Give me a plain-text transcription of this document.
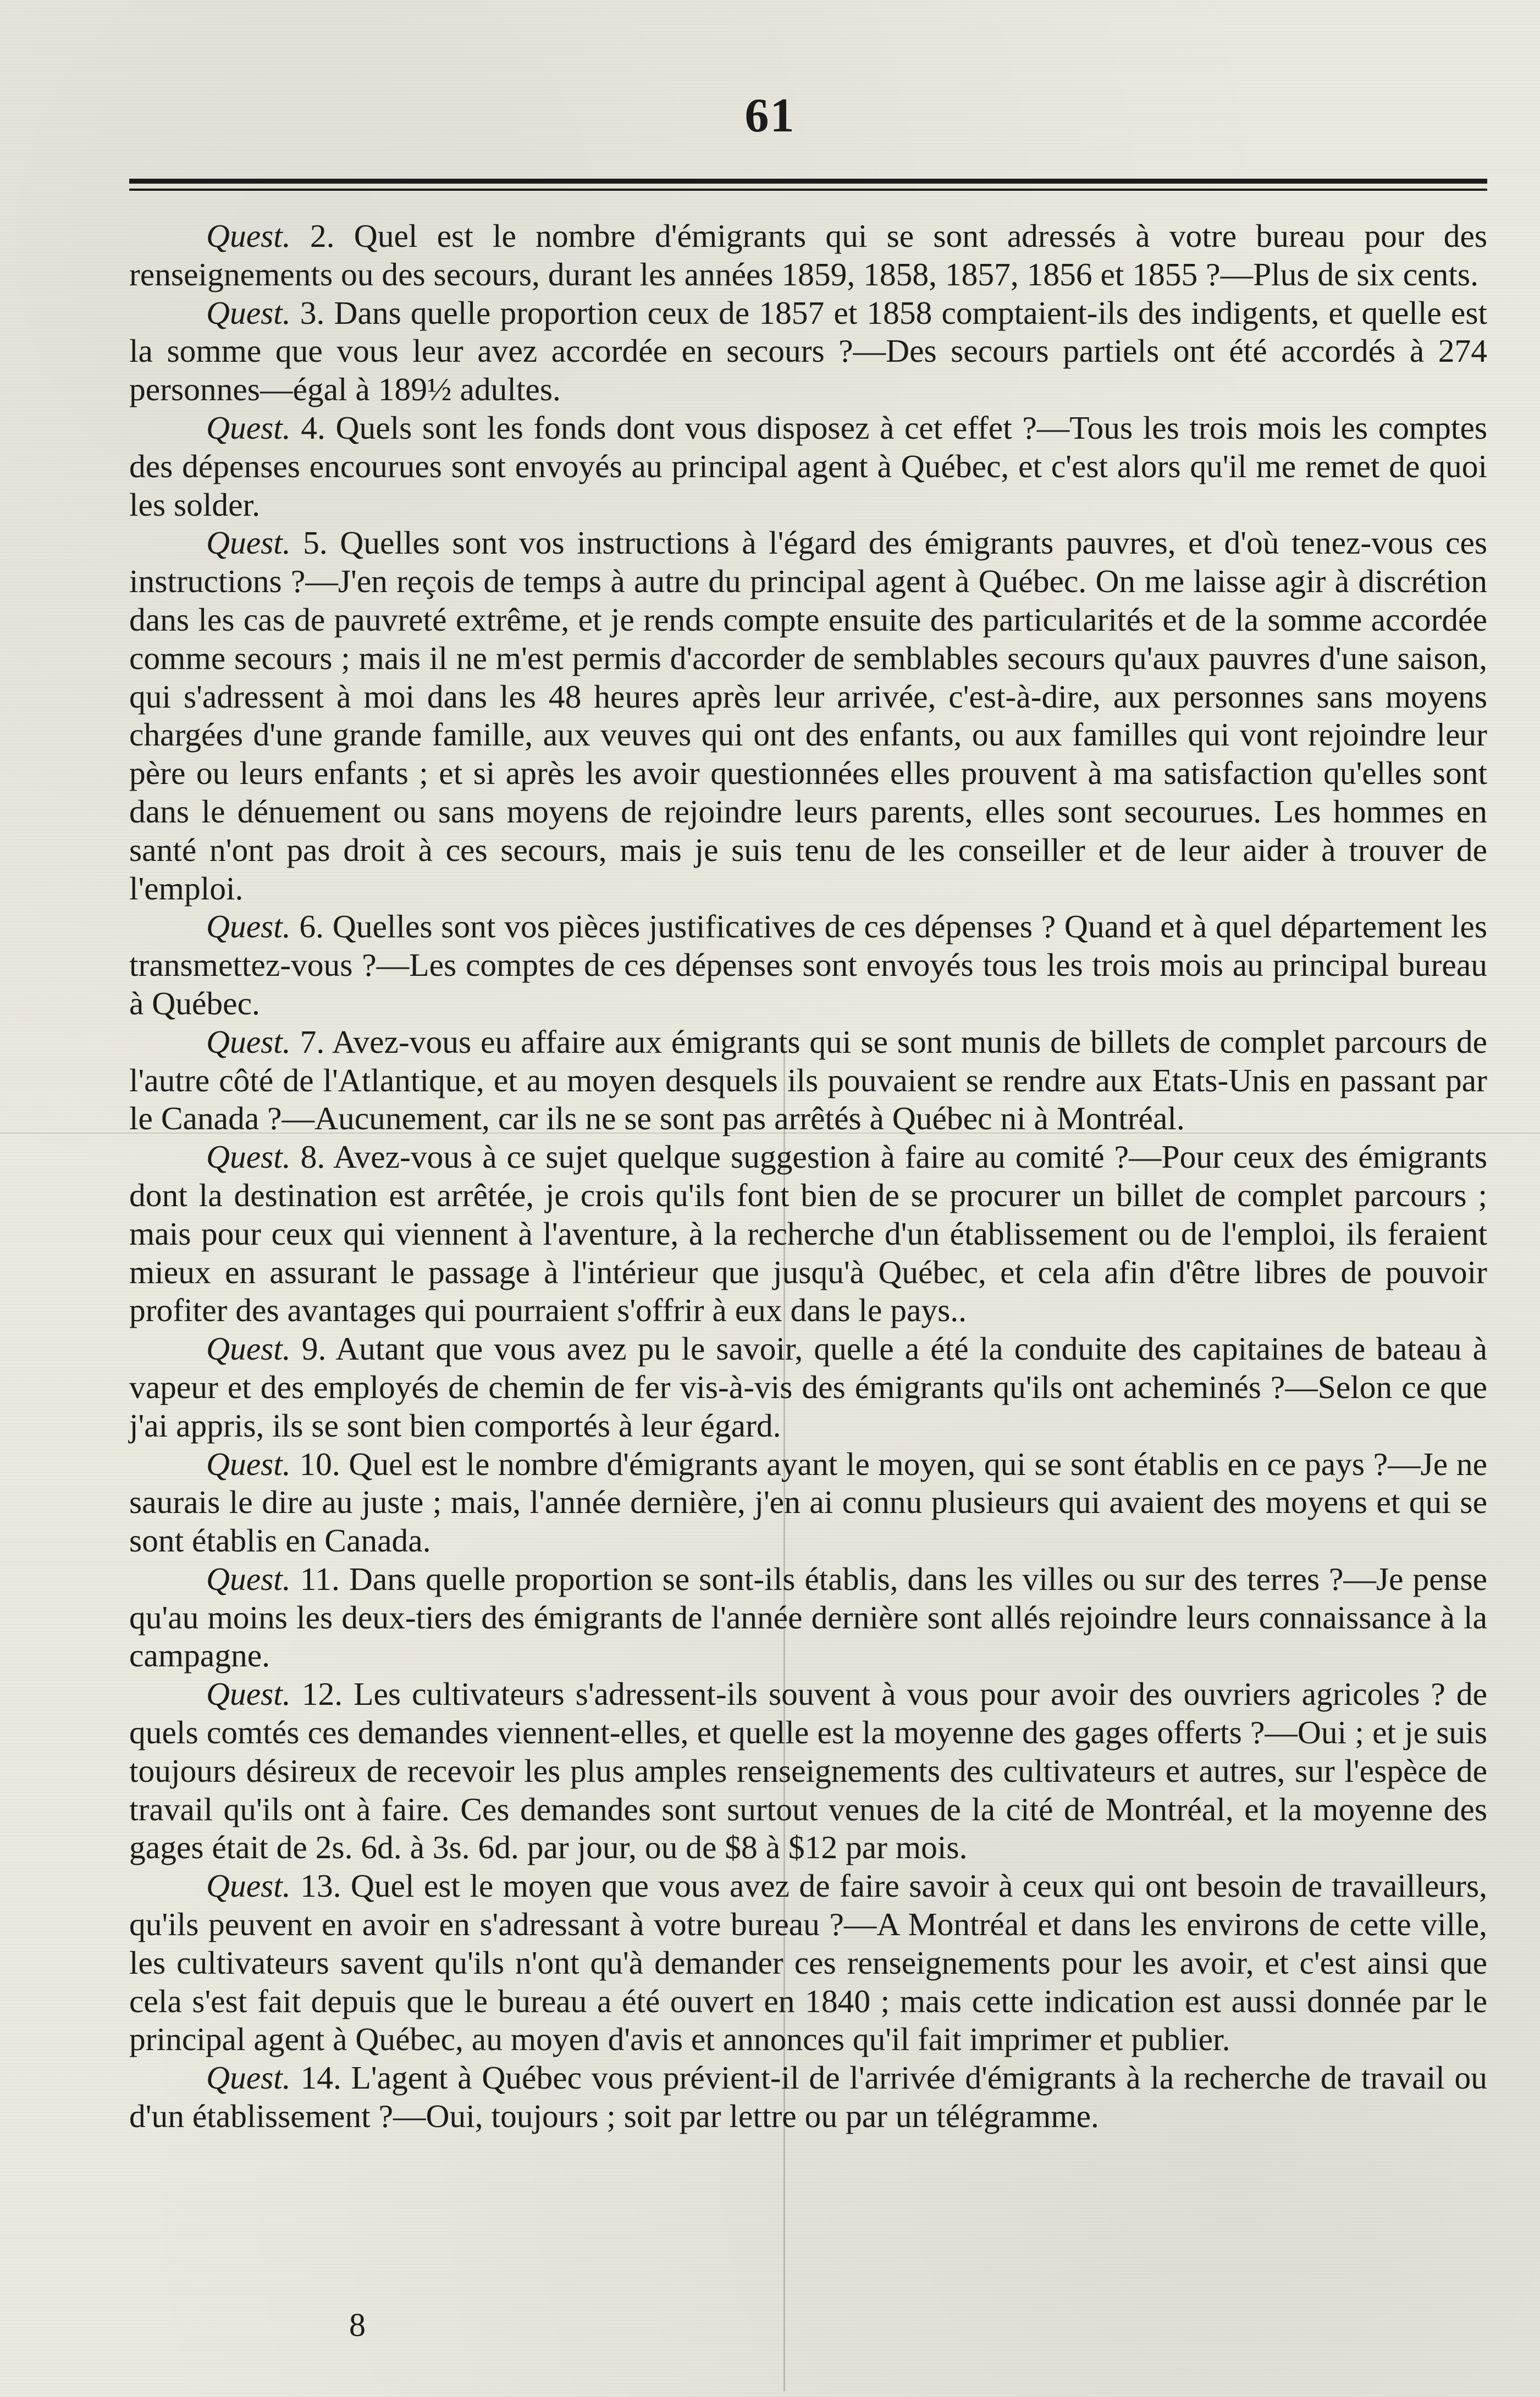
61

Quest. 2. Quel est le nombre d'émigrants qui se sont adressés à votre bureau pour des renseignements ou des secours, durant les années 1859, 1858, 1857, 1856 et 1855 ?—Plus de six cents.

Quest. 3. Dans quelle proportion ceux de 1857 et 1858 comptaient-ils des indigents, et quelle est la somme que vous leur avez accordée en secours ?—Des secours partiels ont été accordés à 274 personnes—égal à 189½ adultes.

Quest. 4. Quels sont les fonds dont vous disposez à cet effet ?—Tous les trois mois les comptes des dépenses encourues sont envoyés au principal agent à Québec, et c'est alors qu'il me remet de quoi les solder.

Quest. 5. Quelles sont vos instructions à l'égard des émigrants pauvres, et d'où tenez-vous ces instructions ?—J'en reçois de temps à autre du principal agent à Québec. On me laisse agir à discrétion dans les cas de pauvreté extrême, et je rends compte ensuite des particularités et de la somme accordée comme secours ; mais il ne m'est permis d'accorder de semblables secours qu'aux pauvres d'une saison, qui s'adressent à moi dans les 48 heures après leur arrivée, c'est-à-dire, aux personnes sans moyens chargées d'une grande famille, aux veuves qui ont des enfants, ou aux familles qui vont rejoindre leur père ou leurs enfants ; et si après les avoir questionnées elles prouvent à ma satisfaction qu'elles sont dans le dénuement ou sans moyens de rejoindre leurs parents, elles sont secourues. Les hommes en santé n'ont pas droit à ces secours, mais je suis tenu de les conseiller et de leur aider à trouver de l'emploi.

Quest. 6. Quelles sont vos pièces justificatives de ces dépenses ? Quand et à quel département les transmettez-vous ?—Les comptes de ces dépenses sont envoyés tous les trois mois au principal bureau à Québec.

Quest. 7. Avez-vous eu affaire aux émigrants qui se sont munis de billets de complet parcours de l'autre côté de l'Atlantique, et au moyen desquels ils pouvaient se rendre aux Etats-Unis en passant par le Canada ?—Aucunement, car ils ne se sont pas arrêtés à Québec ni à Montréal.

Quest. 8. Avez-vous à ce sujet quelque suggestion à faire au comité ?—Pour ceux des émigrants dont la destination est arrêtée, je crois qu'ils font bien de se procurer un billet de complet parcours ; mais pour ceux qui viennent à l'aventure, à la recherche d'un établissement ou de l'emploi, ils feraient mieux en assurant le passage à l'intérieur que jusqu'à Québec, et cela afin d'être libres de pouvoir profiter des avantages qui pourraient s'offrir à eux dans le pays..

Quest. 9. Autant que vous avez pu le savoir, quelle a été la conduite des capitaines de bateau à vapeur et des employés de chemin de fer vis-à-vis des émigrants qu'ils ont acheminés ?—Selon ce que j'ai appris, ils se sont bien comportés à leur égard.

Quest. 10. Quel est le nombre d'émigrants ayant le moyen, qui se sont établis en ce pays ?—Je ne saurais le dire au juste ; mais, l'année dernière, j'en ai connu plusieurs qui avaient des moyens et qui se sont établis en Canada.

Quest. 11. Dans quelle proportion se sont-ils établis, dans les villes ou sur des terres ?—Je pense qu'au moins les deux-tiers des émigrants de l'année dernière sont allés rejoindre leurs connaissance à la campagne.

Quest. 12. Les cultivateurs s'adressent-ils souvent à vous pour avoir des ouvriers agricoles ? de quels comtés ces demandes viennent-elles, et quelle est la moyenne des gages offerts ?—Oui ; et je suis toujours désireux de recevoir les plus amples renseignements des cultivateurs et autres, sur l'espèce de travail qu'ils ont à faire. Ces demandes sont surtout venues de la cité de Montréal, et la moyenne des gages était de 2s. 6d. à 3s. 6d. par jour, ou de $8 à $12 par mois.

Quest. 13. Quel est le moyen que vous avez de faire savoir à ceux qui ont besoin de travailleurs, qu'ils peuvent en avoir en s'adressant à votre bureau ?—A Montréal et dans les environs de cette ville, les cultivateurs savent qu'ils n'ont qu'à demander ces renseignements pour les avoir, et c'est ainsi que cela s'est fait depuis que le bureau a été ouvert en 1840 ; mais cette indication est aussi donnée par le principal agent à Québec, au moyen d'avis et annonces qu'il fait imprimer et publier.

Quest. 14. L'agent à Québec vous prévient-il de l'arrivée d'émigrants à la recherche de travail ou d'un établissement ?—Oui, toujours ; soit par lettre ou par un télégramme.

8
